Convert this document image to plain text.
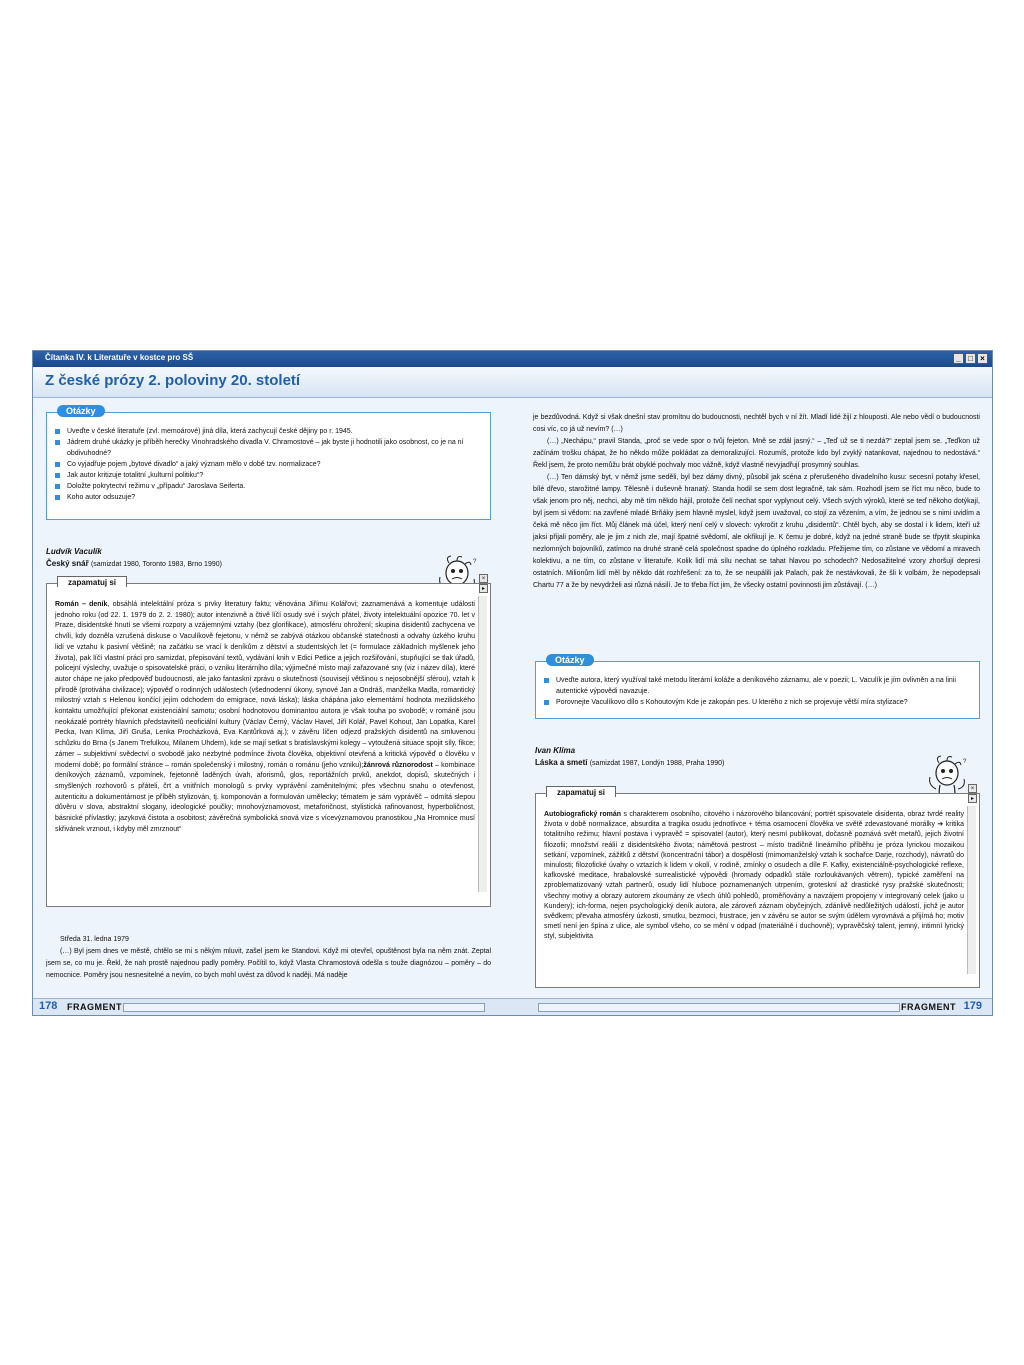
Čítanka IV. k Literatuře v kostce pro SŠ	_ □ ×
Z české prózy 2. poloviny 20. století
Otázky
Uveďte v české literatuře (zvl. memoárové) jiná díla, která zachycují české dějiny po r. 1945.
Jádrem druhé ukázky je příběh herečky Vinohradského divadla V. Chramostové – jak byste ji hodnotili jako osobnost, co je na ní obdivuhodné?
Co vyjadřuje pojem „bytové divadlo“ a jaký význam mělo v době tzv. normalizace?
Jak autor kritizuje totalitní „kulturní politiku“?
Doložte pokrytectví režimu v „případu“ Jaroslava Seiferta.
Koho autor odsuzuje?
Ludvík Vaculík
Český snář (samizdat 1980, Toronto 1983, Brno 1990)	?
zapamatuj si	×
▸
Román – deník, obsáhlá intelektální próza s prvky literatury faktu; věnována Jiřímu Kolářovi; zaznamenává a komentuje události jednoho roku (od 22. 1. 1979 do 2. 2. 1980); autor intenzivně a čtivě líčí osudy své i svých přátel, životy intelektuální opozice 70. let v Praze, disidentské hnutí se všemi rozpory a vzájemnými vztahy (bez glorifikace), atmosféru ohrožení; skupina disidentů zachycena ve chvíli, kdy dozněla vzrušená diskuse o Vaculíkově fejetonu, v němž se zabývá otázkou občanské statečnosti a odvahy úzkého kruhu lidí ve vztahu k pasivní většině; na začátku se vrací k deníkům z dětství a studentských let (= formulace základních myšlenek jeho života), pak líčí vlastní práci pro samizdat, přepisování textů, vydávání knih v Edici Petlice a jejich rozšiřování, stupňující se tlak úřadů, policejní výslechy, uvažuje o spisovatelské práci, o vzniku literárního díla; výjimečné místo mají zařazované sny (viz i název díla), které autor chápe ne jako předpověď budoucnosti, ale jako fantaskní zprávu o skutečnosti (souvisejí většinou s nejosobnější sférou), vztah k přírodě (protiváha civilizace); výpověď o rodinných událostech (všednodenní úkony, synové Jan a Ondráš, manželka Madla, romantický milostný vztah s Helenou končící jejím odchodem do emigrace, nová láska); láska chápána jako elementární hodnota mezilidského kontaktu umožňující překonat existenciální samotu; osobní hodnotovou dominantou autora je však touha po svobodě; v románě jsou neokázalé portréty hlavních představitelů neoficiální kultury (Václav Černý, Václav Havel, Jiří Kolář, Pavel Kohout, Jan Lopatka, Karel Pecka, Ivan Klíma, Jiří Gruša, Lenka Procházková, Eva Kantůrková aj.); v závěru líčen odjezd pražských disidentů na smluvenou schůzku do Brna (s Janem Trefulkou, Milanem Uhdem), kde se mají setkat s bratislavskými kolegy – vytoužená situace spojit síly, fikce; zámer – subjektivní svědectví o svobodě jako nezbytné podmínce života člověka, objektivní otevřená a kritická výpověď o člověku v moderní době; po formální stránce – román společenský i milostný, román o románu (jeho vzniku);žánrová různorodost – kombinace deníkových záznamů, vzpomínek, fejetonně laděných úvah, aforismů, glos, reportážních prvků, anekdot, dopisů, skutečných i smyšlených rozhovorů s přáteli, črt a vnitřních monologů s prvky vyprávění zaměnitelnými; přes všechnu snahu o otevřenost, autenticitu a dokumentárnost je příběh stylizován, tj. komponován a formulován umělecky; tématem je sám vyprávěč – odmítá slepou důvěru v slova, abstraktní slogany, ideologické poučky; mnohovýznamovost, metaforičnost, stylistická rafinovanost, hyperboličnost, básnické přívlastky; jazyková čistota a osobitost; závěrečná symbolická snová vize s vícevýznamovou pranostikou „Na Hromnice musí skřivánek vrznout, i kdyby měl zmrznout“

Středa 31. ledna 1979

(…) Byl jsem dnes ve městě, chtělo se mi s někým mluvit, zašel jsem ke Standovi. Když mi otevřel, opuštěnost byla na něm znát. Zeptal jsem se, co mu je. Řekl, že nah prostě najednou padly poměry. Počítil to, když Vlasta Chramostová odešla s touže diagnózou – poměry – do nemocnice. Poměry jsou nesnesitelné a nevím, co bych mohl uvést za důvod k naději. Má naděje

je bezdůvodná. Když si však dnešní stav promítnu do budoucnosti, nechtěl bych v ní žít. Mladí lidé žijí z hlouposti. Ale nebo vědí o budoucnosti cosi víc, co já už nevím? (…)

(…) „Nechápu,“ pravil Standa, „proč se vede spor o tvůj fejeton. Mně se zdál jasný.“ – „Teď už se ti nezdá?“ zeptal jsem se. „Teďkon už začínám trošku chápat, že ho někdo může pokládat za demoralizující. Rozumíš, protože kdo byl zvyklý natankovat, najednou to nedostává.“ Řekl jsem, že proto nemůžu brát obyklé pochvaly moc vážně, když vlastně nevyjadřují prosymný souhlas.

(…) Ten dámský byt, v němž jsme seděli, byl bez dámy divný, působil jak scéna z přerušeného divadelního kusu: secesní potahy křesel, bílé dřevo, starožitné lampy. Tělesně i duševně hranatý. Standa hodil se sem dost legračně, tak sám. Rozhodl jsem se říct mu něco, bude to však jenom pro něj, nechci, aby mě tím někdo hájil, protože čelí nechat spor vyplynout celý. Všech svých výroků, které se teď někoho dotýkají, byl jsem si vědom: na zavřené mladé Brňáky jsem hlavně myslel, když jsem uvažoval, co stojí za vězením, a vím, že jednou se s nimi uvidím a čeká mě něco jim říct. Můj článek má účel, který není celý v slovech: vykročit z kruhu „disidentů“. Chtěl bych, aby se dostal i k lidem, kteří už jaksi přijali poměry, ale je jim z nich zle, mají špatné svědomí, ale okřikují je. K čemu je dobré, když na jedné straně bude se třpytit skupinka nezlomných bojovníků, zatímco na druhé straně celá společnost spadne do úplného rozkladu. Přežijeme tím, co zůstane ve vědomí a mravech kolektivu, a ne tím, co zůstane v literatuře. Kolik lidí má sílu nechat se tahat hlavou po schodech? Nedosažitelné vzory zhoršují depresi ostatních. Milionům lidí měl by někdo dát rozhřešení: za to, že se neupálili jak Palach, pak že nestávkovali, že šli k volbám, že nepodepsali Chartu 77 a že by nevydrželi asi různá násilí. Je to třeba říct jim, že všecky ostatní povinnosti jim zůstávají. (…)

Otázky
Uveďte autora, který využíval také metodu literární koláže a deníkového záznamu, ale v poezii; L. Vaculík je jím ovlivněn a na linii autentické výpovědi navazuje.
Porovnejte Vaculíkovo dílo s Kohoutovým Kde je zakopán pes. U kterého z nich se projevuje větší míra stylizace?
Ivan Klíma
Láska a smetí (samizdat 1987, Londýn 1988, Praha 1990)	?
zapamatuj si	×
▸
Autobiografický román s charakterem osobního, citového i názorového bilancování; portrét spisovatele disidenta, obraz tvrdé reality života v době normalizace, absurdita a tragika osudu jednotlivce + téma osamocení člověka ve světě zdevastované morálky ➔ kritika totalitního režimu; hlavní postava i vypravěč = spisovatel (autor), který nesmí publikovat, dočasně poznává svět metařů, jejich životní filozofii; množství reálií z disidentského života; námětová pestrost – místo tradičně lineárního příběhu je próza lyrickou mozaikou setkání, vzpomínek, zážitků z dětství (koncentrační tábor) a dospělosti (mimomanželský vztah k sochařce Darje, rozchody), návratů do minulosti; filozofické úvahy o vztazích k lidem v okolí, v rodině, zmínky o osudech a díle F. Kafky, existenciálně-psychologické reflexe, kafkovské meditace, hrabalovské surrealistické výpovědi (hromady odpadků stále rozfoukávaných větrem), typické zaměření na zproblematizovaný vztah partnerů, osudy lidí hluboce poznamenaných utrpením, groteskní až drastické rysy pražské skutečnosti; všechny motivy a obrazy autorem zkoumány ze všech úhlů pohledů, proměňovány a navzájem propojeny v integrovaný celek (jako u Kundery); ich-forma, nejen psychologický deník autora, ale zároveň záznam obyčejných, zdánlivě nedůležitých událostí, jichž je autor svědkem; převaha atmosféry úzkosti, smutku, bezmoci, frustrace, jen v závěru se autor se svým údělem vyrovnává a přijímá ho; motiv smetí není jen špína z ulice, ale symbol všeho, co se mění v odpad (materiálně i duchovně); vypravěčský talent, jemný, intimní lyrický styl, subjektivita
178 FRAGMENT	FRAGMENT 179
